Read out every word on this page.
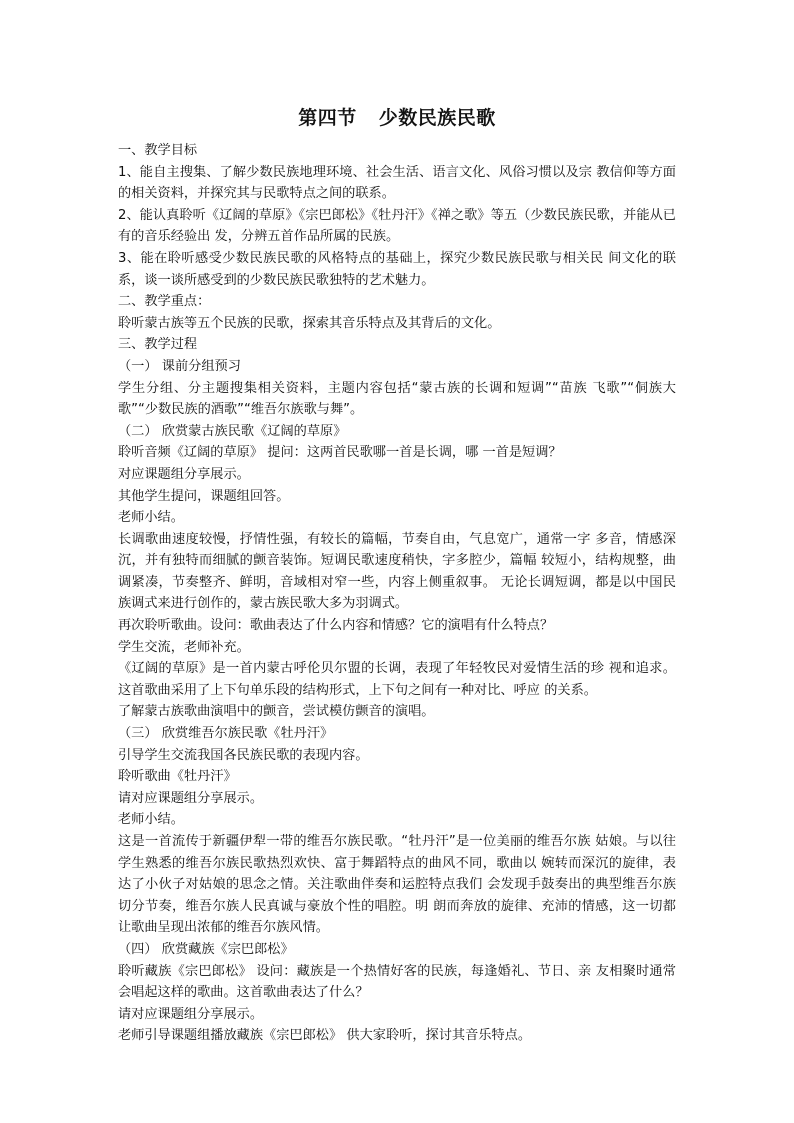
第四节 少数民族民歌

一、教学目标

1、能自主搜集、了解少数民族地理环境、社会生活、语言文化、风俗习惯以及宗 教信仰等方面的相关资料，并探究其与民歌特点之间的联系。

2、能认真聆听《辽阔的草原》《宗巴郎松》《牡丹汗》《禅之歌》等五（少数民族民歌，并能从已有的音乐经验出 发，分辨五首作品所属的民族。

3、能在聆听感受少数民族民歌的风格特点的基础上，探究少数民族民歌与相关民 间文化的联系，谈一谈所感受到的少数民族民歌独特的艺术魅力。

二、教学重点：

聆听蒙古族等五个民族的民歌，探索其音乐特点及其背后的文化。

三、教学过程

（一） 课前分组预习

学生分组、分主题搜集相关资料，主题内容包括“蒙古族的长调和短调”“苗族 飞歌”“侗族大歌”“少数民族的酒歌”“维吾尔族歌与舞”。

（二） 欣赏蒙古族民歌《辽阔的草原》

聆听音频《辽阔的草原》 提问：这两首民歌哪一首是长调，哪 一首是短调？

对应课题组分享展示。

其他学生提问，课题组回答。

老师小结。

长调歌曲速度较慢，抒情性强，有较长的篇幅，节奏自由，气息宽广，通常一字 多音，情感深沉，并有独特而细腻的颤音装饰。短调民歌速度稍快，字多腔少，篇幅 较短小，结构规整，曲调紧凑，节奏整齐、鲜明，音域相对窄一些，内容上侧重叙事。 无论长调短调，都是以中国民族调式来进行创作的，蒙古族民歌大多为羽调式。

再次聆听歌曲。设问：歌曲表达了什么内容和情感？它的演唱有什么特点？

学生交流，老师补充。

《辽阔的草原》是一首内蒙古呼伦贝尔盟的长调，表现了年轻牧民对爱情生活的珍 视和追求。这首歌曲采用了上下句单乐段的结构形式，上下句之间有一种对比、呼应 的关系。

了解蒙古族歌曲演唱中的颤音，尝试模仿颤音的演唱。

（三） 欣赏维吾尔族民歌《牡丹汗》

引导学生交流我国各民族民歌的表现内容。

聆听歌曲《牡丹汗》

请对应课题组分享展示。

老师小结。

这是一首流传于新疆伊犁一带的维吾尔族民歌。“牡丹汗”是一位美丽的维吾尔族 姑娘。与以往学生熟悉的维吾尔族民歌热烈欢快、富于舞蹈特点的曲风不同，歌曲以 婉转而深沉的旋律，表达了小伙子对姑娘的思念之情。关注歌曲伴奏和运腔特点我们 会发现手鼓奏出的典型维吾尔族切分节奏，维吾尔族人民真诚与豪放个性的唱腔。明 朗而奔放的旋律、充沛的情感，这一切都让歌曲呈现出浓郁的维吾尔族风情。

（四） 欣赏藏族《宗巴郎松》

聆听藏族《宗巴郎松》 设问：藏族是一个热情好客的民族，每逢婚礼、节日、亲 友相聚时通常会唱起这样的歌曲。这首歌曲表达了什么？

请对应课题组分享展示。

老师引导课题组播放藏族《宗巴郎松》 供大家聆听，探讨其音乐特点。
